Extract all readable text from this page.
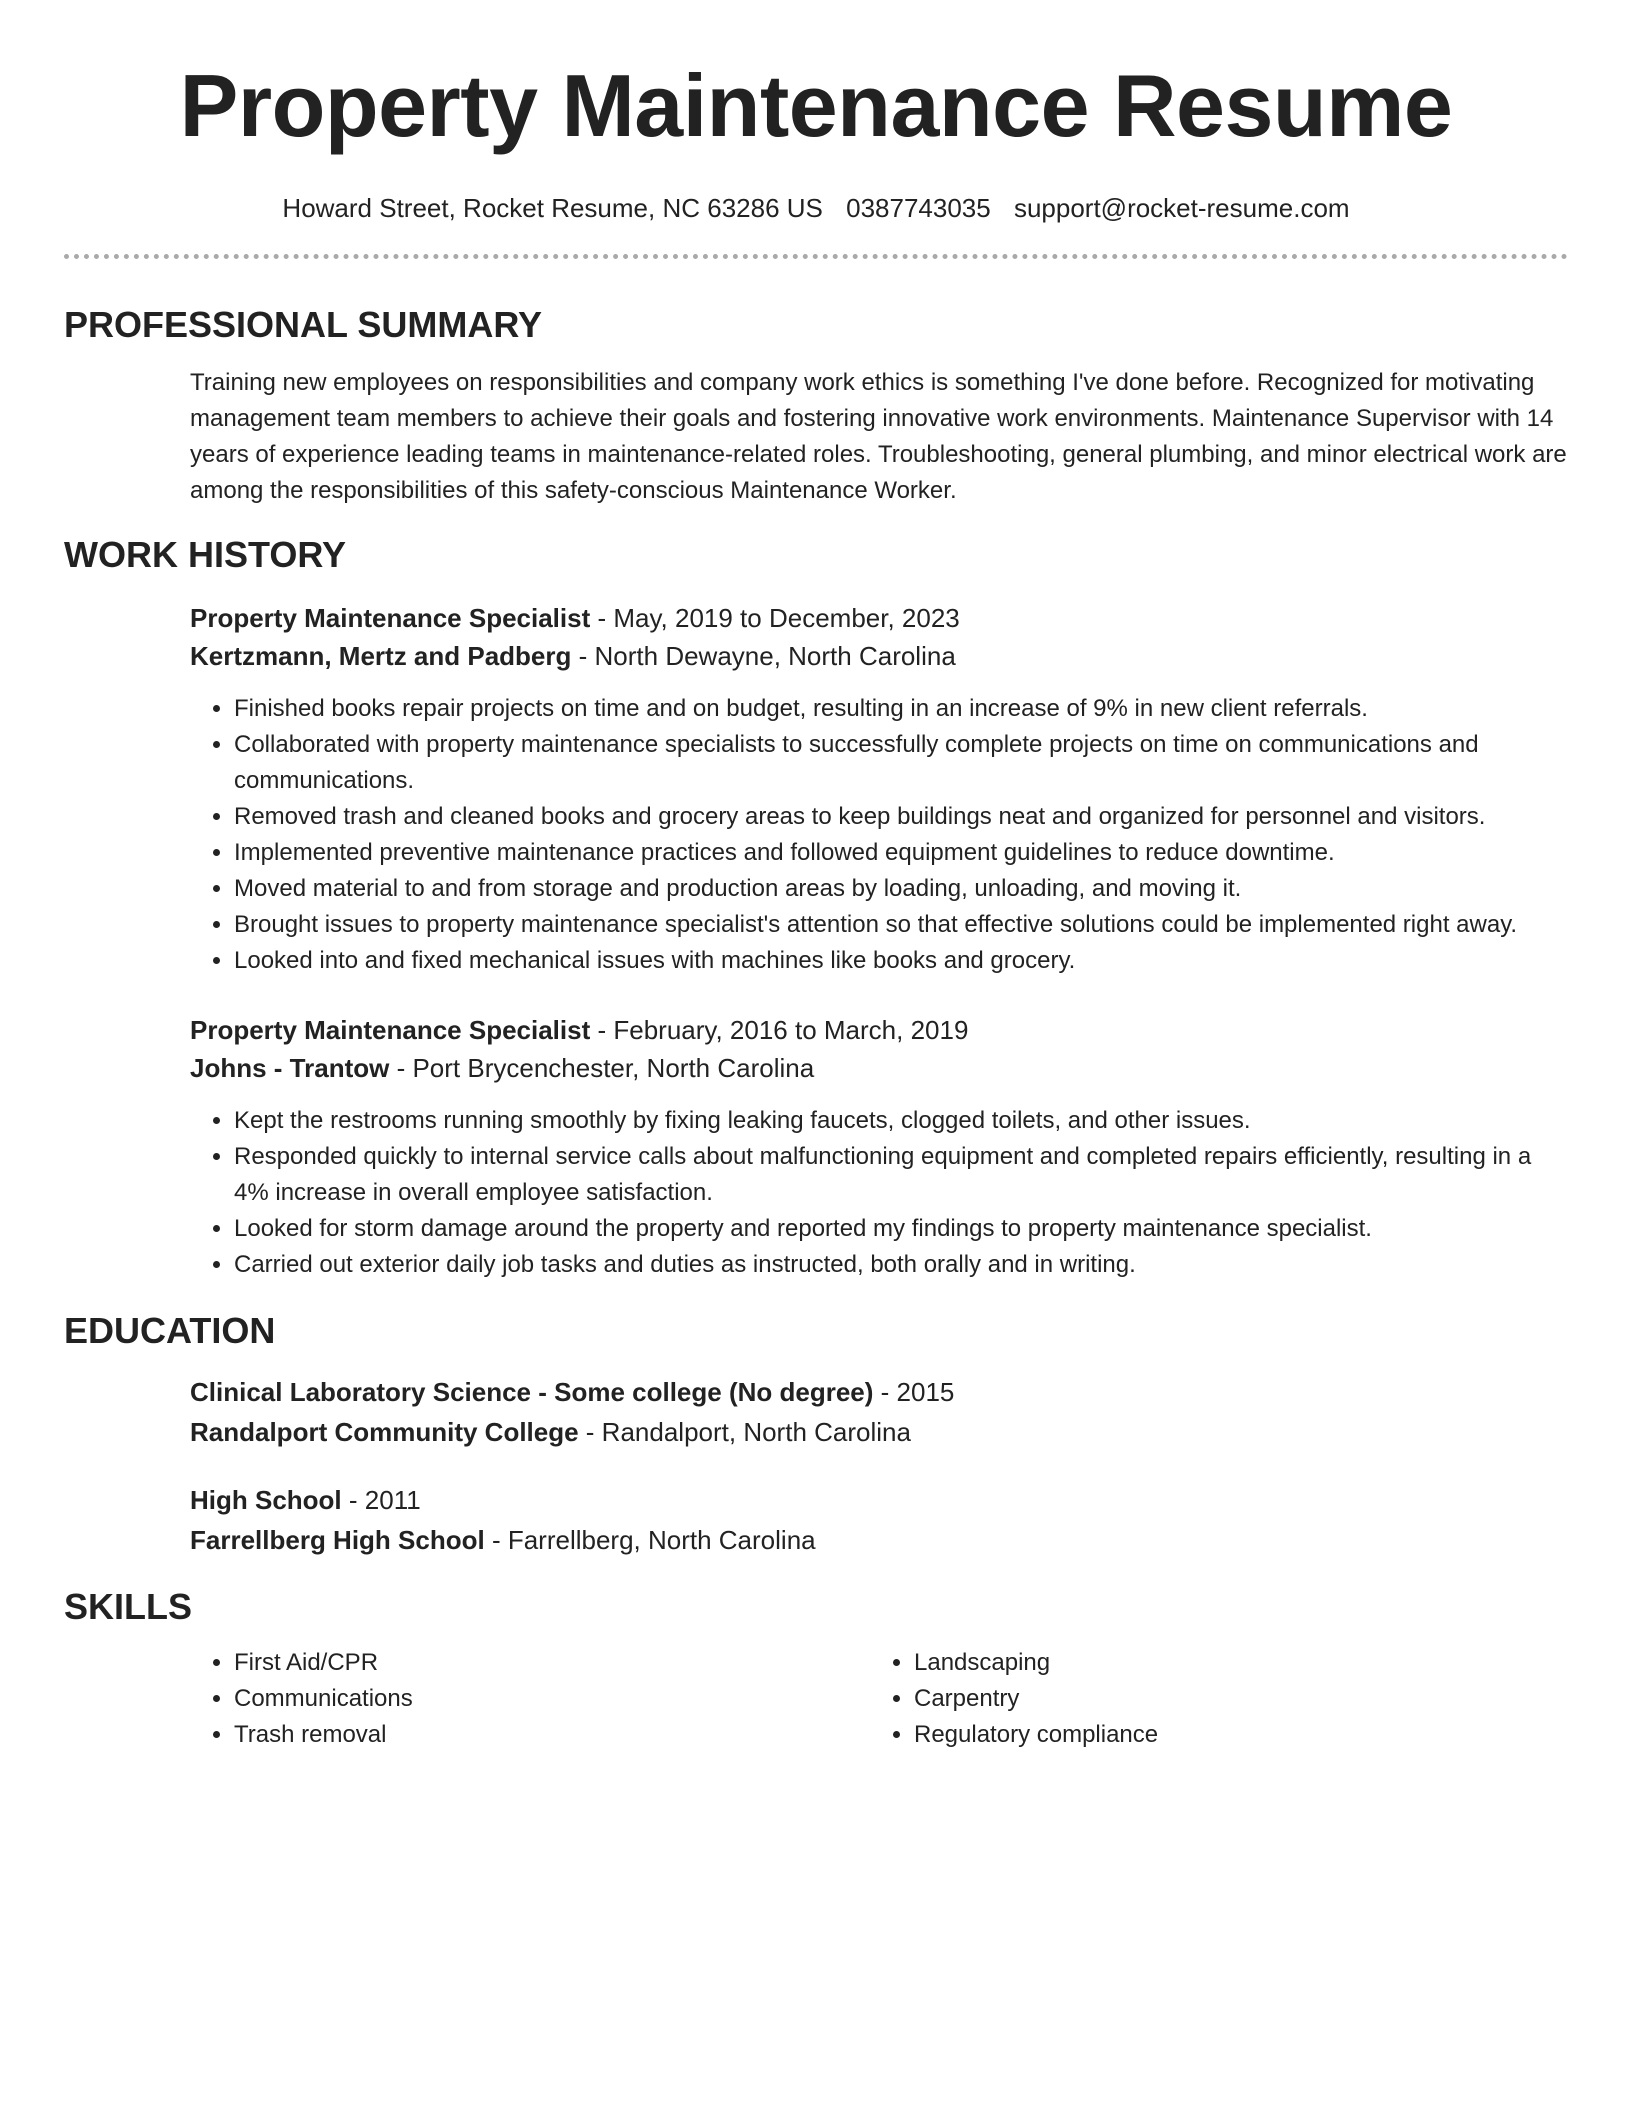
Property Maintenance Resume
Howard Street, Rocket Resume, NC 63286 US 0387743035 support@rocket-resume.com
PROFESSIONAL SUMMARY

Training new employees on responsibilities and company work ethics is something I've done before. Recognized for motivating management team members to achieve their goals and fostering innovative work environments. Maintenance Supervisor with 14 years of experience leading teams in maintenance-related roles. Troubleshooting, general plumbing, and minor electrical work are among the responsibilities of this safety-conscious Maintenance Worker.

WORK HISTORY

Property Maintenance Specialist - May, 2019 to December, 2023

Kertzmann, Mertz and Padberg - North Dewayne, North Carolina

• Finished books repair projects on time and on budget, resulting in an increase of 9% in new client referrals.
• Collaborated with property maintenance specialists to successfully complete projects on time on communications and communications.
• Removed trash and cleaned books and grocery areas to keep buildings neat and organized for personnel and visitors.
• Implemented preventive maintenance practices and followed equipment guidelines to reduce downtime.
• Moved material to and from storage and production areas by loading, unloading, and moving it.
• Brought issues to property maintenance specialist's attention so that effective solutions could be implemented right away.
• Looked into and fixed mechanical issues with machines like books and grocery.

Property Maintenance Specialist - February, 2016 to March, 2019

Johns - Trantow - Port Brycenchester, North Carolina

• Kept the restrooms running smoothly by fixing leaking faucets, clogged toilets, and other issues.
• Responded quickly to internal service calls about malfunctioning equipment and completed repairs efficiently, resulting in a 4% increase in overall employee satisfaction.
• Looked for storm damage around the property and reported my findings to property maintenance specialist.
• Carried out exterior daily job tasks and duties as instructed, both orally and in writing.
EDUCATION

Clinical Laboratory Science - Some college (No degree) - 2015

Randalport Community College - Randalport, North Carolina

High School - 2011

Farrellberg High School - Farrellberg, North Carolina

SKILLS
• First Aid/CPR
• Communications
• Trash removal
• Landscaping
• Carpentry
• Regulatory compliance
